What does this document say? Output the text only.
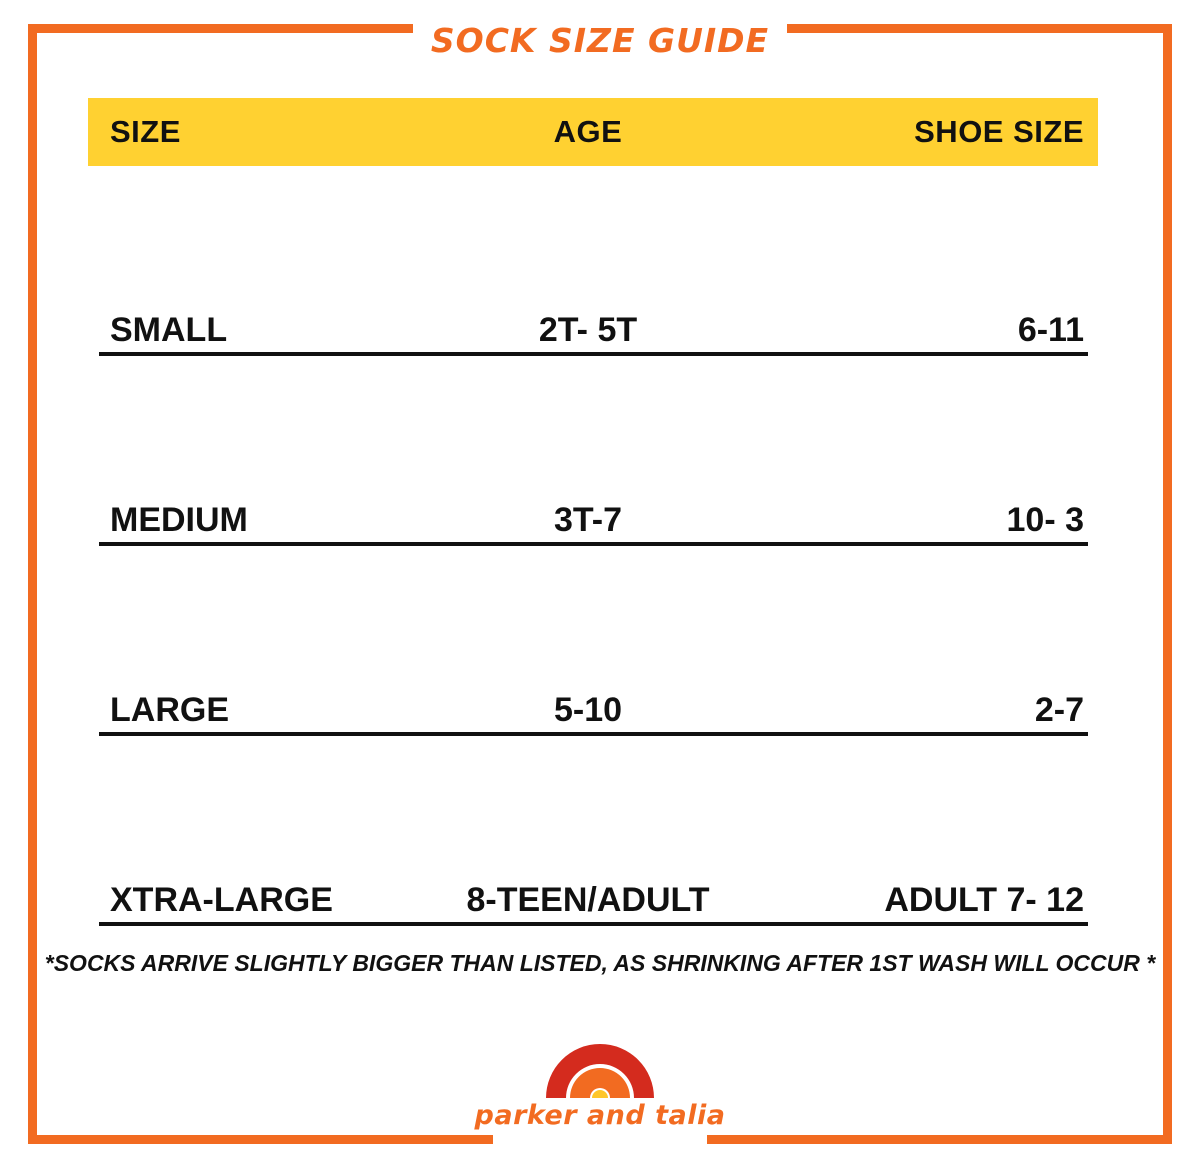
SOCK SIZE GUIDE
SIZE	AGE	SHOE SIZE
SMALL	2T- 5T	6-11
MEDIUM	3T-7	10- 3
LARGE	5-10	2-7
XTRA-LARGE	8-TEEN/ADULT	ADULT 7- 12
*SOCKS ARRIVE SLIGHTLY BIGGER THAN LISTED, AS SHRINKING AFTER 1ST WASH WILL OCCUR *
parker and talia
